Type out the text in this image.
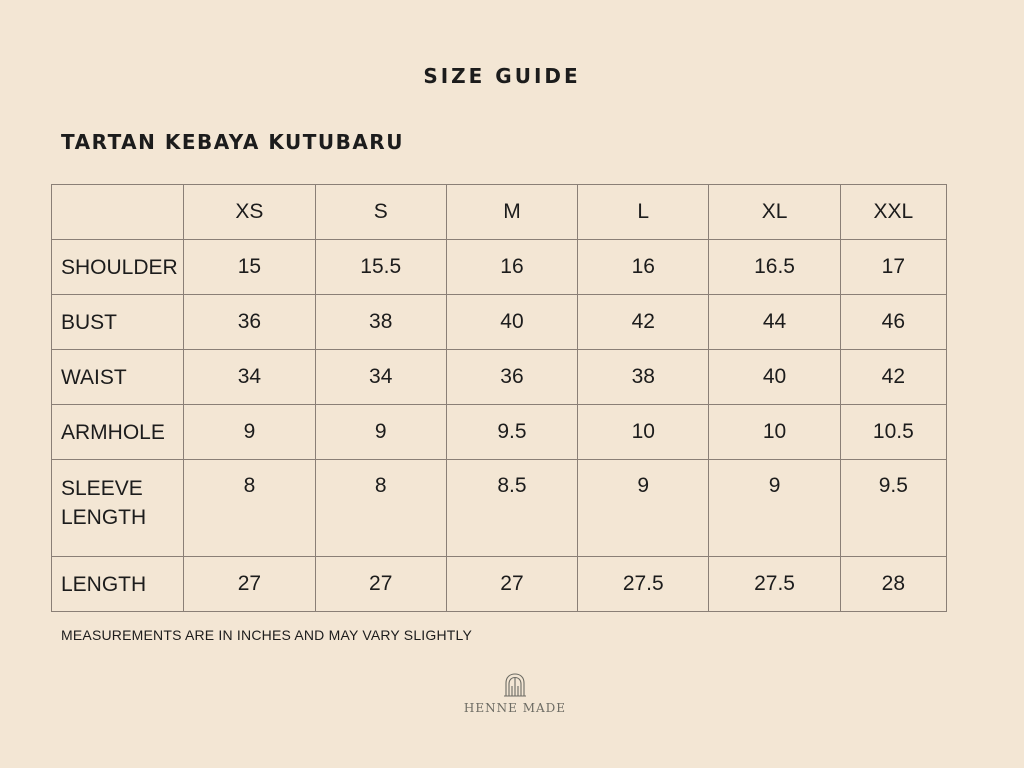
SIZE GUIDE
TARTAN KEBAYA KUTUBARU
	XS	S	M	L	XL	XXL
SHOULDER	15	15.5	16	16	16.5	17
BUST	36	38	40	42	44	46
WAIST	34	34	36	38	40	42
ARMHOLE	9	9	9.5	10	10	10.5
SLEEVE LENGTH	8	8	8.5	9	9	9.5
LENGTH	27	27	27	27.5	27.5	28
MEASUREMENTS ARE IN INCHES AND MAY VARY SLIGHTLY
HENNE MADE
